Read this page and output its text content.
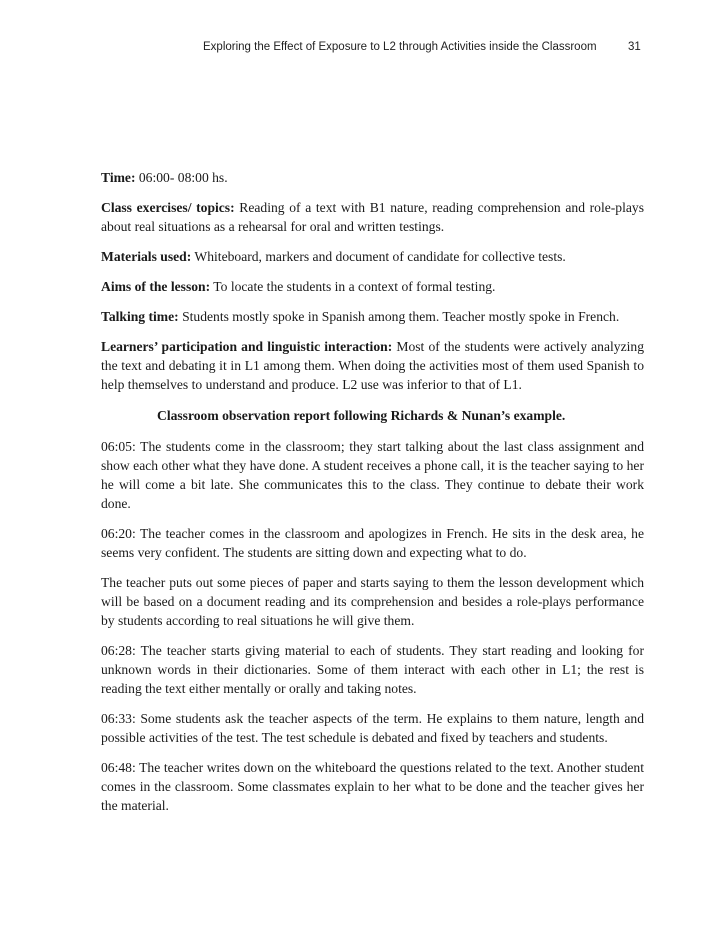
Exploring the Effect of Exposure to L2 through Activities inside the Classroom	31

Time: 06:00- 08:00 hs.

Class exercises/ topics: Reading of a text with B1 nature, reading comprehension and role-plays about real situations as a rehearsal for oral and written testings.

Materials used: Whiteboard, markers and document of candidate for collective tests.

Aims of the lesson: To locate the students in a context of formal testing.

Talking time: Students mostly spoke in Spanish among them. Teacher mostly spoke in French.

Learners’ participation and linguistic interaction: Most of the students were actively analyzing the text and debating it in L1 among them. When doing the activities most of them used Spanish to help themselves to understand and produce. L2 use was inferior to that of L1.

Classroom observation report following Richards & Nunan’s example.

06:05: The students come in the classroom; they start talking about the last class assignment and show each other what they have done. A student receives a phone call, it is the teacher saying to her he will come a bit late. She communicates this to the class. They continue to debate their work done.

06:20: The teacher comes in the classroom and apologizes in French. He sits in the desk area, he seems very confident. The students are sitting down and expecting what to do.

The teacher puts out some pieces of paper and starts saying to them the lesson development which will be based on a document reading and its comprehension and besides a role-plays performance by students according to real situations he will give them.

06:28: The teacher starts giving material to each of students. They start reading and looking for unknown words in their dictionaries. Some of them interact with each other in L1; the rest is reading the text either mentally or orally and taking notes.

06:33: Some students ask the teacher aspects of the term. He explains to them nature, length and possible activities of the test. The test schedule is debated and fixed by teachers and students.

06:48: The teacher writes down on the whiteboard the questions related to the text. Another student comes in the classroom. Some classmates explain to her what to be done and the teacher gives her the material.
